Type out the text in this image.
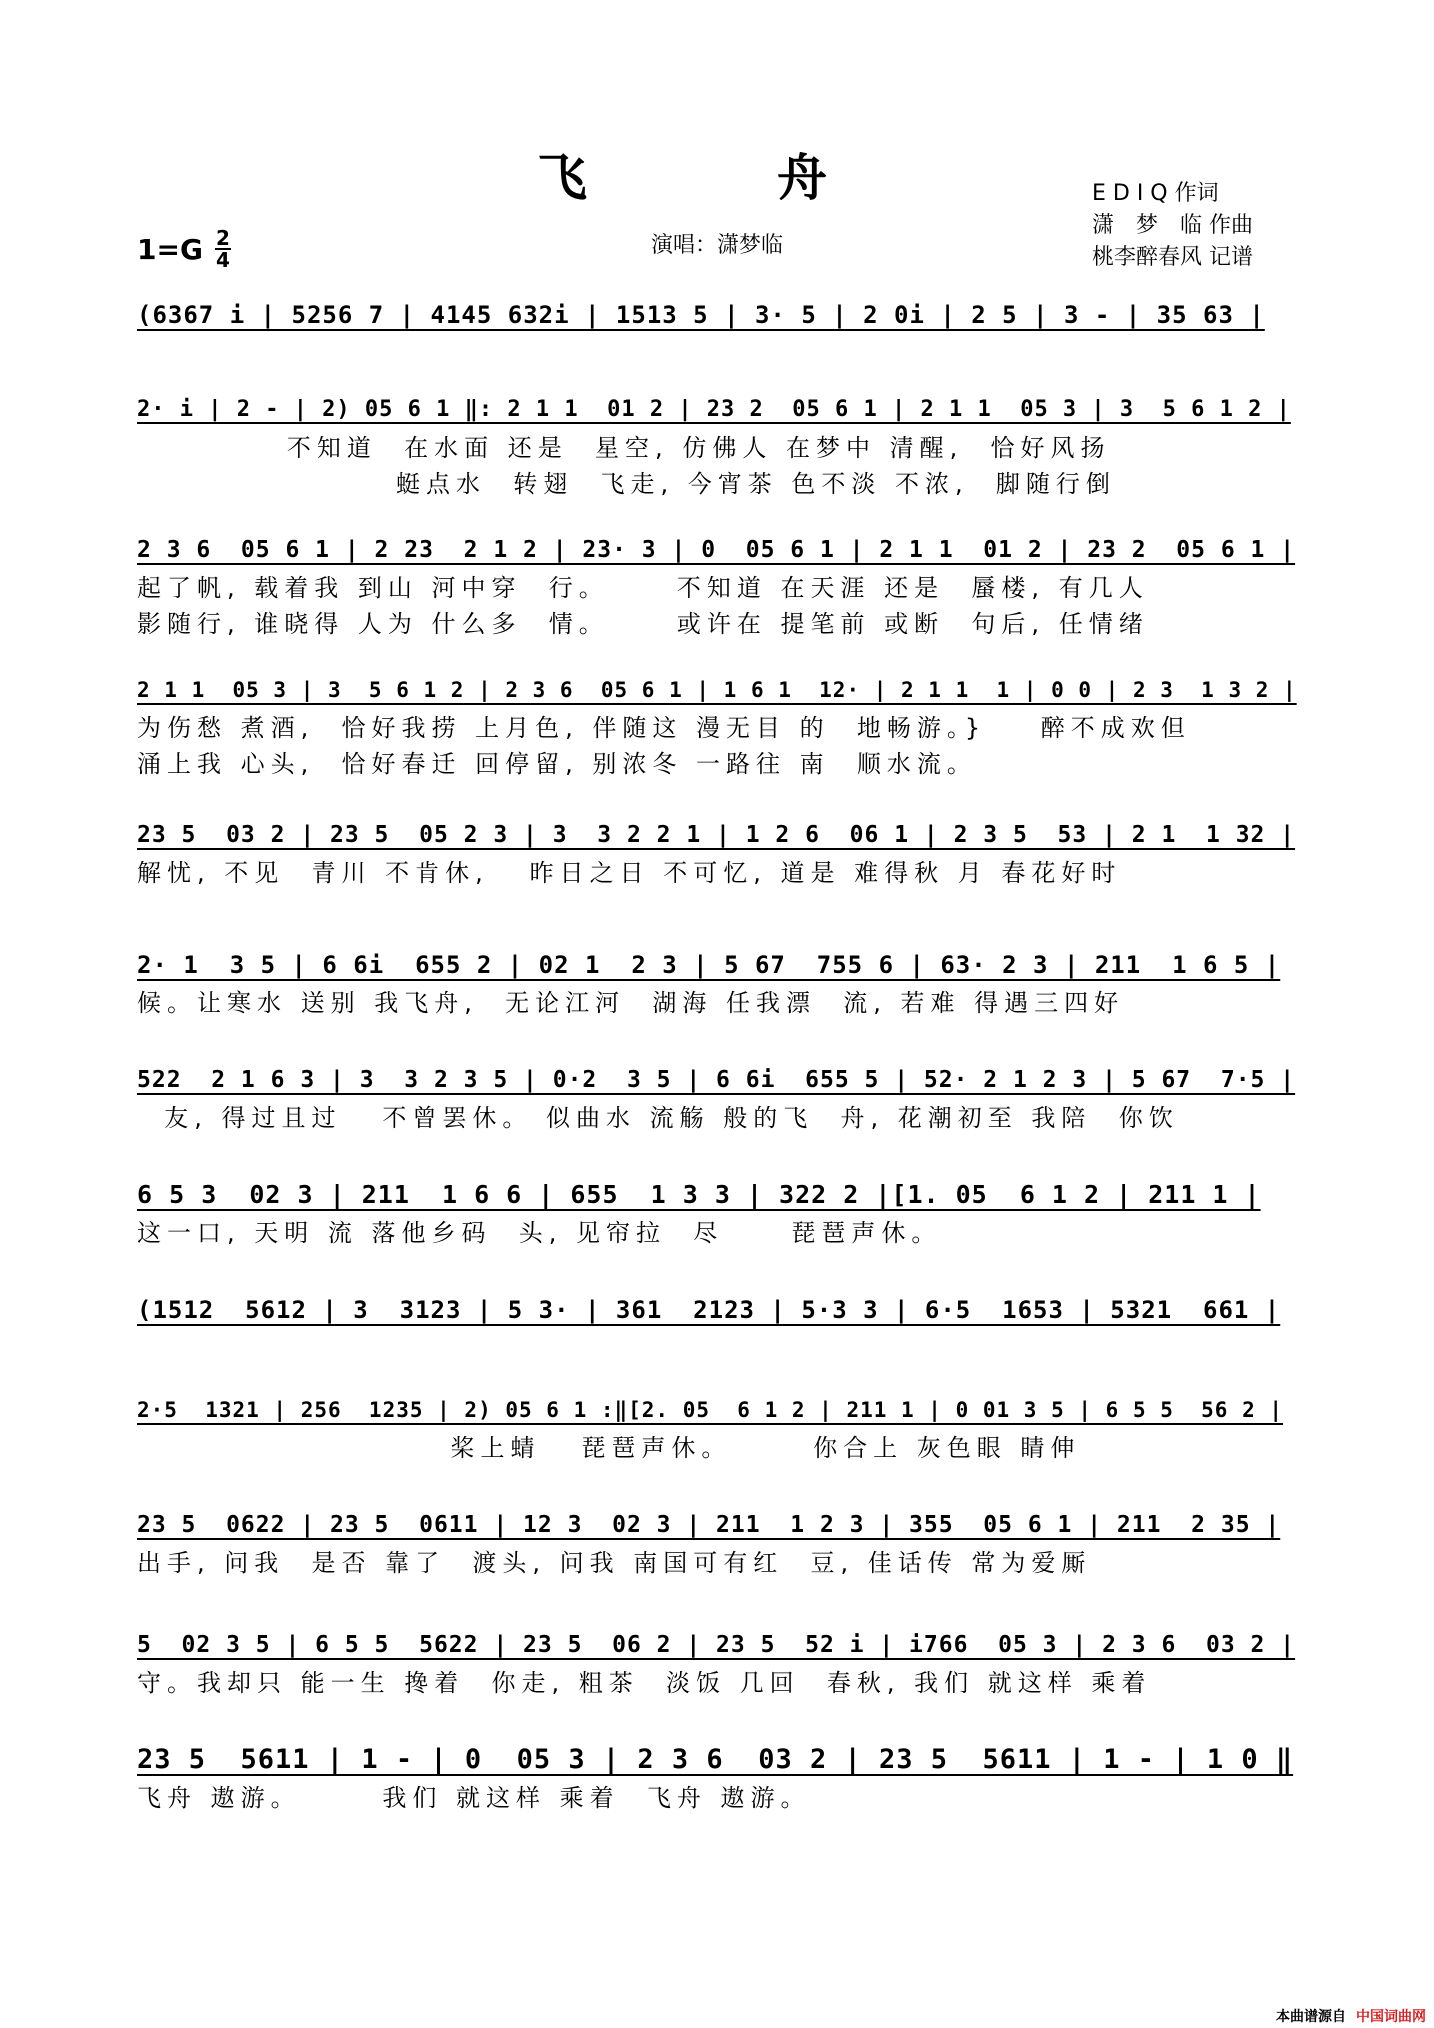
飞　舟
1=G 2
4
演唱：潇梦临
E D I Q 作词
潇　梦　临 作曲
桃李醉春风 记谱
(6367 i | 5256 7 | 4145 632i | 1513 5 | 3· 5 | 2 0i | 2 5 | 3 - | 35 63 |
2· i | 2 - | 2) 05 6 1 ‖: 2 1 1  01 2 | 23 2  05 6 1 | 2 1 1  05 3 | 3  5 6 1 2 |
不知道  在水面 还是  星空, 仿佛人 在梦中 清醒,  恰好风扬
蜓点水  转翅  飞走, 今宵茶 色不淡 不浓,  脚随行倒
2 3 6  05 6 1 | 2 23  2 1 2 | 23· 3 | 0  05 6 1 | 2 1 1  01 2 | 23 2  05 6 1 |
起了帆, 载着我 到山 河中穿  行。     不知道 在天涯 还是  蜃楼, 有几人
影随行, 谁晓得 人为 什么多  情。     或许在 提笔前 或断  句后, 任情绪
2 1 1  05 3 | 3  5 6 1 2 | 2 3 6  05 6 1 | 1 6 1  12· | 2 1 1  1 | 0 0 | 2 3  1 3 2 |
为伤愁 煮酒,  恰好我捞 上月色, 伴随这 漫无目 的  地畅游。}    醉不成欢但
涌上我 心头,  恰好春迁 回停留, 别浓冬 一路往 南  顺水流。
23 5  03 2 | 23 5  05 2 3 | 3  3 2 2 1 | 1 2 6  06 1 | 2 3 5  53 | 2 1  1 32 |
解忧, 不见  青川 不肯休,   昨日之日 不可忆, 道是 难得秋 月 春花好时
2· 1  3 5 | 6 6i  655 2 | 02 1  2 3 | 5 67  755 6 | 63· 2 3 | 211  1 6 5 |
候。让寒水 送别 我飞舟,  无论江河  湖海 任我漂  流, 若难 得遇三四好
522  2 1 6 3 | 3  3 2 3 5 | 0·2  3 5 | 6 6i  655 5 | 52· 2 1 2 3 | 5 67  7·5 |
友, 得过且过   不曾罢休。 似曲水 流觞 般的飞  舟, 花潮初至 我陪  你饮
6 5 3  02 3 | 211  1 6 6 | 655  1 3 3 | 322 2 |[1. 05  6 1 2 | 211 1 |
这一口, 天明 流 落他乡码  头, 见帘拉  尽     琵琶声休。
(1512  5612 | 3  3123 | 5 3· | 361  2123 | 5·3 3 | 6·5  1653 | 5321  661 |
2·5  1321 | 256  1235 | 2) 05 6 1 :‖[2. 05  6 1 2 | 211 1 | 0 01 3 5 | 6 5 5  56 2 |
桨上蜻   琵琶声休。      你合上 灰色眼 睛伸
23 5  0622 | 23 5  0611 | 12 3  02 3 | 211  1 2 3 | 355  05 6 1 | 211  2 35 |
出手, 问我  是否 靠了  渡头, 问我 南国可有红  豆, 佳话传 常为爱厮
5  02 3 5 | 6 5 5  5622 | 23 5  06 2 | 23 5  52 i | i766  05 3 | 2 3 6  03 2 |
守。我却只 能一生 搀着  你走, 粗茶  淡饭 几回  春秋, 我们 就这样 乘着
23 5  5611 | 1 - | 0  05 3 | 2 3 6  03 2 | 23 5  5611 | 1 - | 1 0 ‖
飞舟 遨游。      我们 就这样 乘着  飞舟 遨游。
本曲谱源自 中国词曲网
